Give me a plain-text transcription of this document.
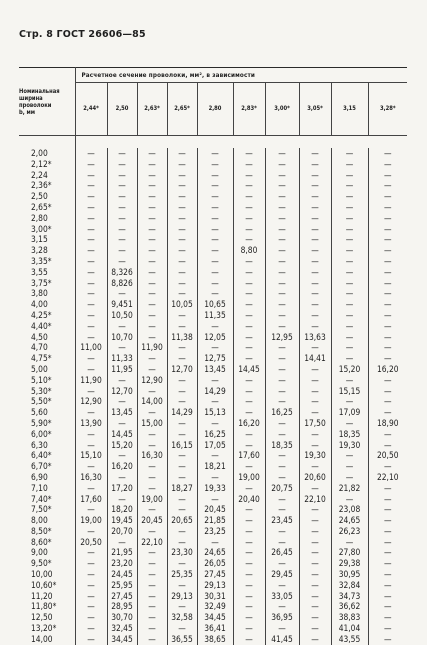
Стр. 8 ГОСТ 26606—85
Номинальная
ширина
проволоки
b, мм	Расчетное сечение проволоки, мм², в зависимости									
	2,44*	2,50	2,63*	2,65*	2,80	2,83*	3,00*	3,05*	3,15	3,28*

2,00	—	—	—	—	—	—	—	—	—	—
2,12*	—	—	—	—	—	—	—	—	—	—
2,24	—	—	—	—	—	—	—	—	—	—
2,36*	—	—	—	—	—	—	—	—	—	—
2,50	—	—	—	—	—	—	—	—	—	—
2,65*	—	—	—	—	—	—	—	—	—	—
2,80	—	—	—	—	—	—	—	—	—	—
3,00*	—	—	—	—	—	—	—	—	—	—
3,15	—	—	—	—	—	—	—	—	—	—
3,28	—	—	—	—	—	8,80	—	—	—	—
3,35*	—	—	—	—	—	—	—	—	—	—
3,55	—	8,326	—	—	—	—	—	—	—	—
3,75*	—	8,826	—	—	—	—	—	—	—	—
3,80	—	—	—	—	—	—	—	—	—	—
4,00	—	9,451	—	10,05	10,65	—	—	—	—	—
4,25*	—	10,50	—	—	11,35	—	—	—	—	—
4,40*	—	—	—	—	—	—	—	—	—	—
4,50	—	10,70	—	11,38	12,05	—	12,95	13,63	—	—
4,70	11,00	—	11,90	—	—	—	—	—	—	—
4,75*	—	11,33	—	—	12,75	—	—	14,41	—	—
5,00	—	11,95	—	12,70	13,45	14,45	—	—	15,20	16,20
5,10*	11,90	—	12,90	—	—	—	—	—	—	—
5,30*	—	12,70	—	—	14,29	—	—	—	15,15	—
5,50*	12,90	—	14,00	—	—	—	—	—	—	—
5,60	—	13,45	—	14,29	15,13	—	16,25	—	17,09	—
5,90*	13,90	—	15,00	—	—	16,20	—	17,50	—	18,90
6,00*	—	14,45	—	—	16,25	—	—	—	18,35	—
6,30	—	15,20	—	16,15	17,05	—	18,35	—	19,30	—
6,40*	15,10	—	16,30	—	—	17,60	—	19,30	—	20,50
6,70*	—	16,20	—	—	18,21	—	—	—	—	—
6,90	16,30	—	—	—	—	19,00	—	20,60	—	22,10
7,10	—	17,20	—	18,27	19,33	—	20,75	—	21,82	—
7,40*	17,60	—	19,00	—	—	20,40	—	22,10	—	—
7,50*	—	18,20	—	—	20,45	—	—	—	23,08	—
8,00	19,00	19,45	20,45	20,65	21,85	—	23,45	—	24,65	—
8,50*	—	20,70	—	—	23,25	—	—	—	26,23	—
8,60*	20,50	—	22,10	—	—	—	—	—	—	—
9,00	—	21,95	—	23,30	24,65	—	26,45	—	27,80	—
9,50*	—	23,20	—	—	26,05	—	—	—	29,38	—
10,00	—	24,45	—	25,35	27,45	—	29,45	—	30,95	—
10,60*	—	25,95	—	—	29,13	—	—	—	32,84	—
11,20	—	27,45	—	29,13	30,31	—	33,05	—	34,73	—
11,80*	—	28,95	—	—	32,49	—	—	—	36,62	—
12,50	—	30,70	—	32,58	34,45	—	36,95	—	38,83	—
13,20*	—	32,45	—	—	36,41	—	—	—	41,04	—
14,00	—	34,45	—	36,55	38,65	—	41,45	—	43,55	—
